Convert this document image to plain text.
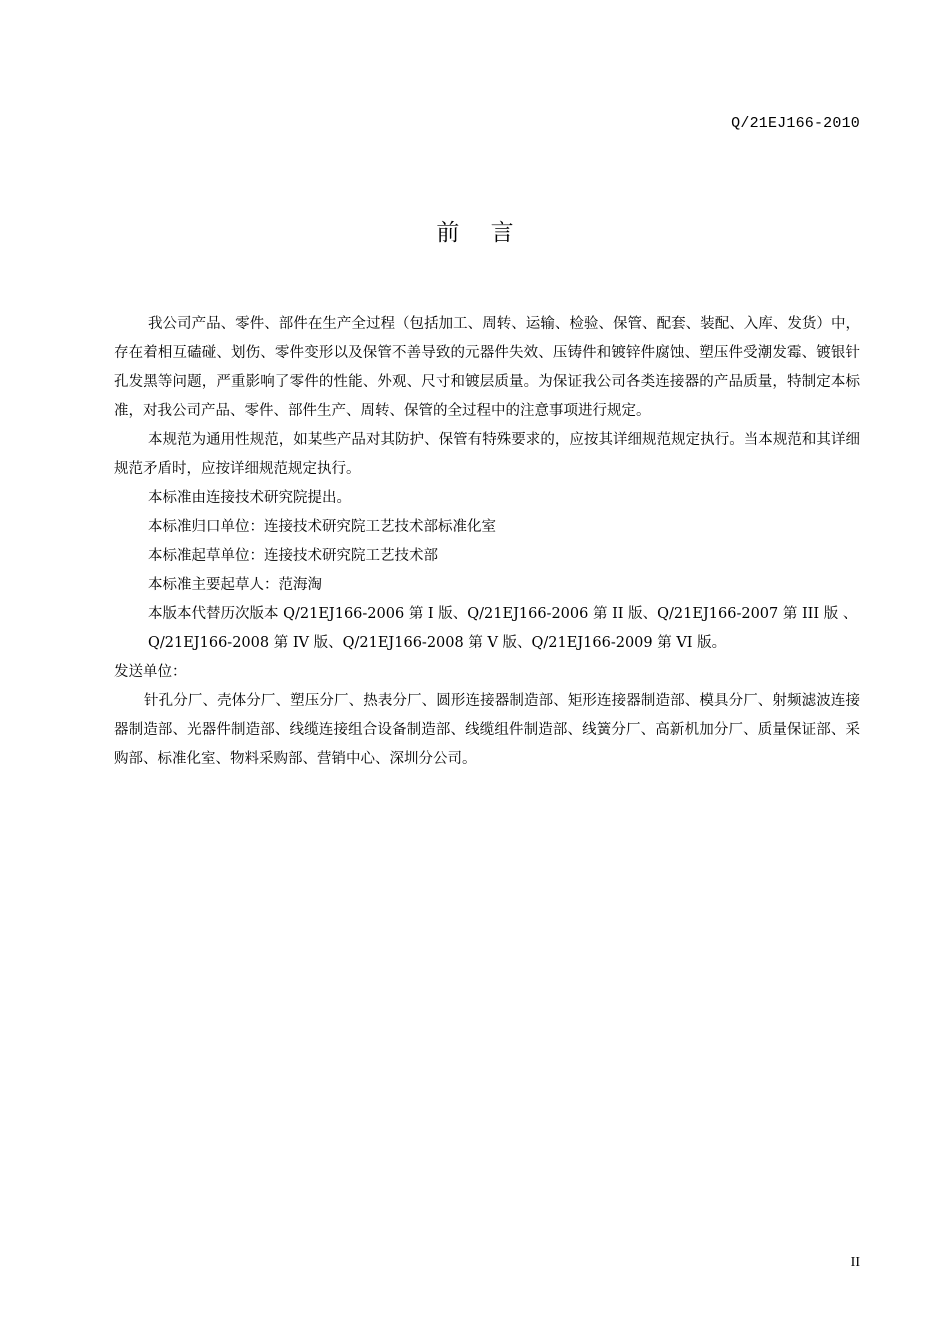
Q/21EJ166-2010
前 言

我公司产品、零件、部件在生产全过程（包括加工、周转、运输、检验、保管、配套、装配、入库、发货）中，存在着相互磕碰、划伤、零件变形以及保管不善导致的元器件失效、压铸件和镀锌件腐蚀、塑压件受潮发霉、镀银针孔发黑等问题，严重影响了零件的性能、外观、尺寸和镀层质量。为保证我公司各类连接器的产品质量，特制定本标准，对我公司产品、零件、部件生产、周转、保管的全过程中的注意事项进行规定。

本规范为通用性规范，如某些产品对其防护、保管有特殊要求的，应按其详细规范规定执行。当本规范和其详细规范矛盾时，应按详细规范规定执行。

本标准由连接技术研究院提出。

本标准归口单位：连接技术研究院工艺技术部标准化室

本标准起草单位：连接技术研究院工艺技术部

本标准主要起草人：范海淘

本版本代替历次版本 Q/21EJ166-2006 第 I 版、Q/21EJ166-2006 第 II 版、Q/21EJ166-2007 第 III 版 、

Q/21EJ166-2008 第 IV 版、Q/21EJ166-2008 第 V 版、Q/21EJ166-2009 第 VI 版。

发送单位：

针孔分厂、壳体分厂、塑压分厂、热表分厂、圆形连接器制造部、矩形连接器制造部、模具分厂、射频滤波连接器制造部、光器件制造部、线缆连接组合设备制造部、线缆组件制造部、线簧分厂、高新机加分厂、质量保证部、采购部、标准化室、物料采购部、营销中心、深圳分公司。

II
